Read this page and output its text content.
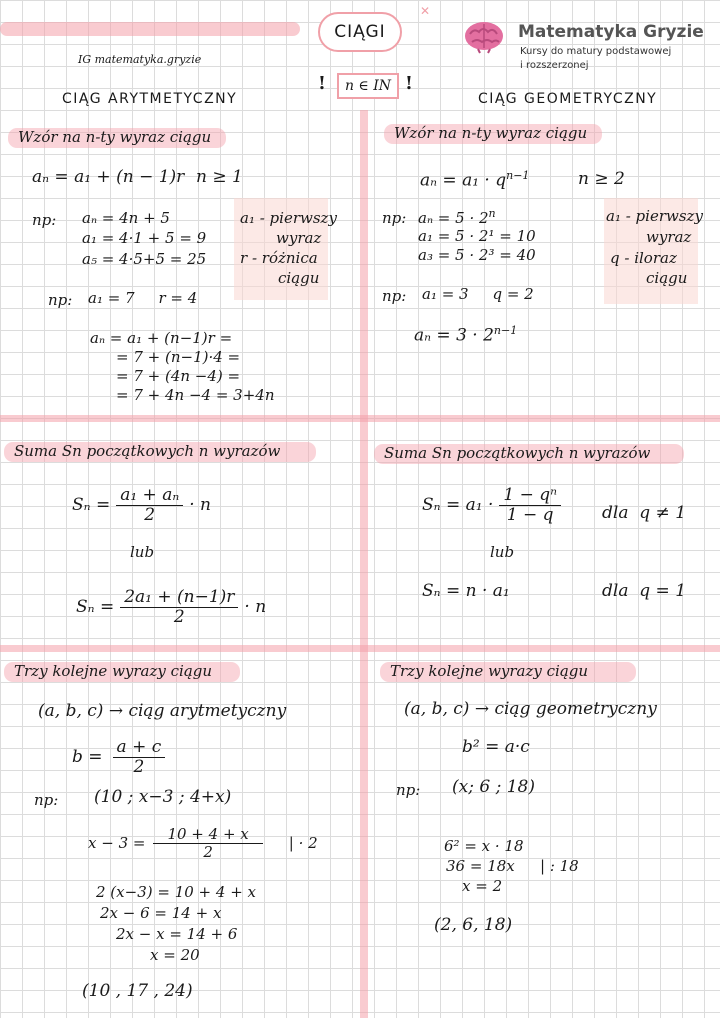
CIĄGI
✕
!	n ∈ IN !
IG matematyka.gryzie
Matematyka Gryzie
Kursy do matury podstawowej
i rozszerzonej
CIĄG ARYTMETYCZNY	CIĄG GEOMETRYCZNY
Wzór na n-ty wyraz ciągu
aₙ = a₁ + (n − 1)r n ≥ 1
np: aₙ = 4n + 5
a₁ = 4·1 + 5 = 9
a₅ = 4·5+5 = 25
a₁ - pierwszy
wyraz
r - różnica
ciągu
np: a₁ = 7     r = 4
aₙ = a₁ + (n−1)r =
= 7 + (n−1)·4 =
= 7 + (4n −4) =
= 7 + 4n −4 = 3+4n
Wzór na n-ty wyraz ciągu
$a_n = a_1 \cdot q^{n-1}$	n ≥ 2
np: $a_n = 5 \cdot 2^n$
a₁ = 5 · 2¹ = 10
a₃ = 5 · 2³ = 40
a₁ - pierwszy
wyraz
q - iloraz
ciągu
np: a₁ = 3     q = 2
$a_n = 3 \cdot 2^{n-1}$
Suma Sn początkowych n wyrazów
$S_n = \frac{\text{a₁ + aₙ}}{2} \cdot n$
lub
$S_n = \frac{\text{2a₁ + (n−1)r}}{2} \cdot n$
Suma Sn początkowych n wyrazów
$S_n = a_1 \cdot \frac{\text{1 − qⁿ}}{1 - q}$ dla  q ≠ 1
lub
Sₙ = n · a₁	dla  q = 1
Trzy kolejne wyrazy ciągu
(a, b, c) → ciąg arytmetyczny
$b = \frac{a + c}{2}$
np: (10 ; x−3 ; 4+x)
$x - 3 = \frac{10 + 4 + x}{2}$ | · 2
2 (x−3) = 10 + 4 + x
2x − 6 = 14 + x
2x − x = 14 + 6
x = 20
(10 , 17 , 24)
Trzy kolejne wyrazy ciągu
(a, b, c) → ciąg geometryczny
b² = a·c
np: (x; 6 ; 18)
6² = x · 18
36 = 18x | : 18
x = 2
(2, 6, 18)
